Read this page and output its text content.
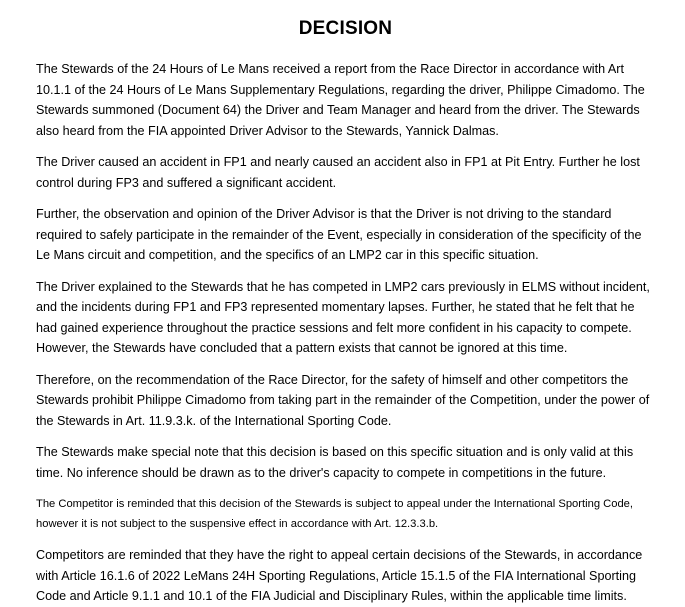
DECISION

The Stewards of the 24 Hours of Le Mans received a report from the Race Director in accordance with Art 10.1.1 of the 24 Hours of Le Mans Supplementary Regulations, regarding the driver, Philippe Cimadomo. The Stewards summoned (Document 64) the Driver and Team Manager and heard from the driver. The Stewards also heard from the FIA appointed Driver Advisor to the Stewards, Yannick Dalmas.

The Driver caused an accident in FP1 and nearly caused an accident also in FP1 at Pit Entry. Further he lost control during FP3 and suffered a significant accident.

Further, the observation and opinion of the Driver Advisor is that the Driver is not driving to the standard required to safely participate in the remainder of the Event, especially in consideration of the specificity of the Le Mans circuit and competition, and the specifics of an LMP2 car in this specific situation.

The Driver explained to the Stewards that he has competed in LMP2 cars previously in ELMS without incident, and the incidents during FP1 and FP3 represented momentary lapses. Further, he stated that he felt that he had gained experience throughout the practice sessions and felt more confident in his capacity to compete. However, the Stewards have concluded that a pattern exists that cannot be ignored at this time.

Therefore, on the recommendation of the Race Director, for the safety of himself and other competitors the Stewards prohibit Philippe Cimadomo from taking part in the remainder of the Competition, under the power of the Stewards in Art. 11.9.3.k. of the International Sporting Code.

The Stewards make special note that this decision is based on this specific situation and is only valid at this time. No inference should be drawn as to the driver's capacity to compete in competitions in the future.

The Competitor is reminded that this decision of the Stewards is subject to appeal under the International Sporting Code, however it is not subject to the suspensive effect in accordance with Art. 12.3.3.b.

Competitors are reminded that they have the right to appeal certain decisions of the Stewards, in accordance with Article 16.1.6 of 2022 LeMans 24H Sporting Regulations, Article 15.1.5 of the FIA International Sporting Code and Article 9.1.1 and 10.1 of the FIA Judicial and Disciplinary Rules, within the applicable time limits.
